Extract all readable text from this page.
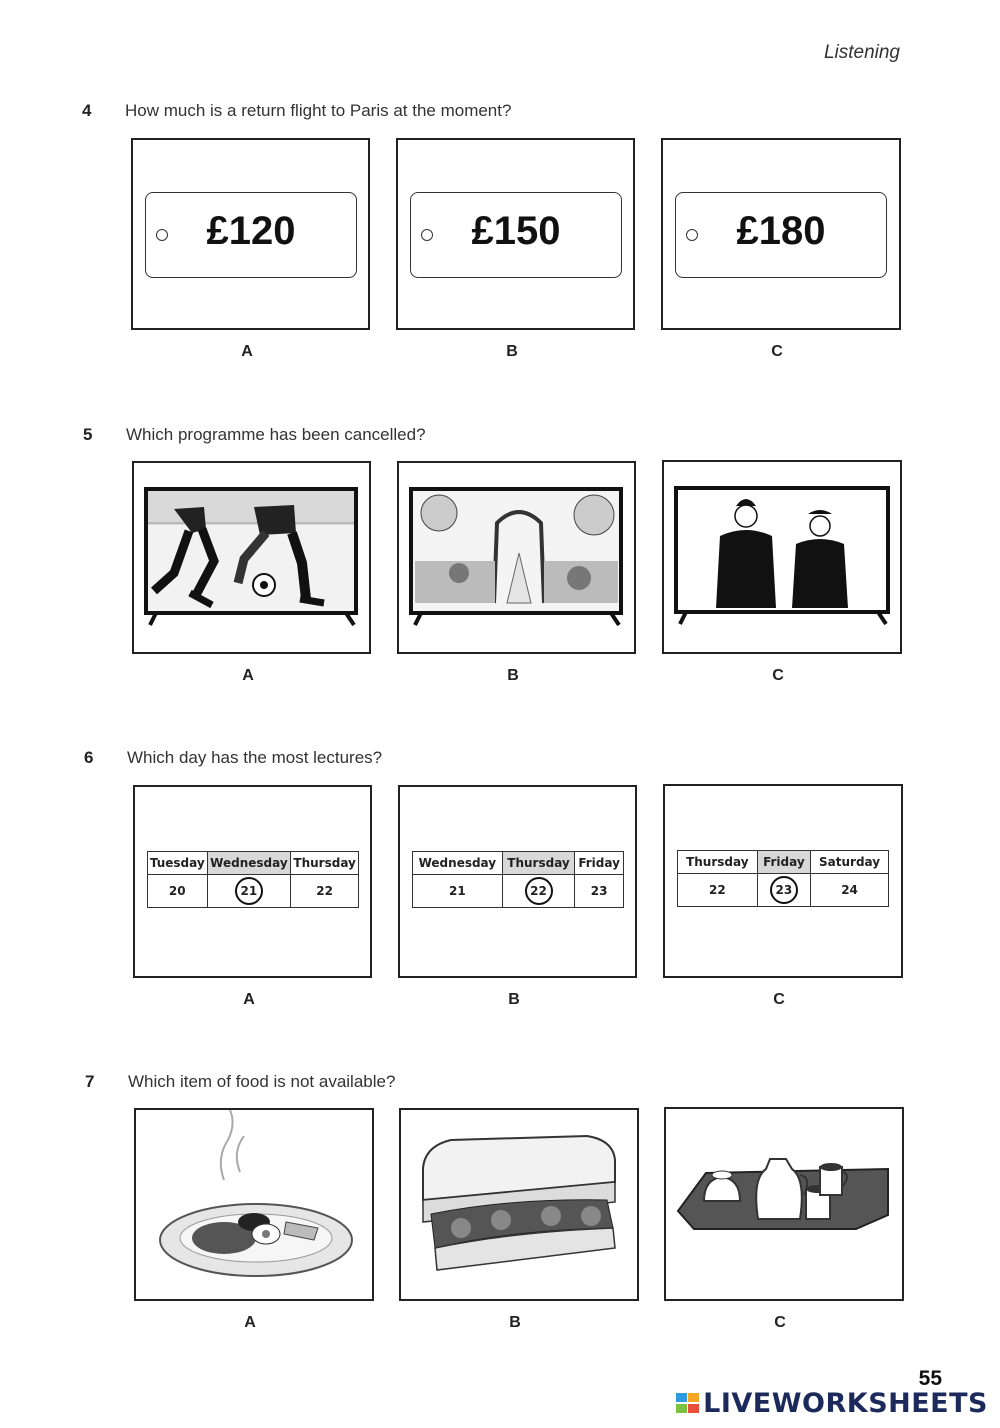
Listening
4 How much is a return flight to Paris at the moment?
£120	£150	£180
A	B	C
5 Which programme has been cancelled?
A	B	C
6 Which day has the most lectures?
Tuesday	Wednesday	Thursday
20	21	22
Wednesday	Thursday	Friday
21	22	23
Thursday	Friday	Saturday
22	23	24
A	B	C
7 Which item of food is not available?
A	B	C
55
LIVEWORKSHEETS
